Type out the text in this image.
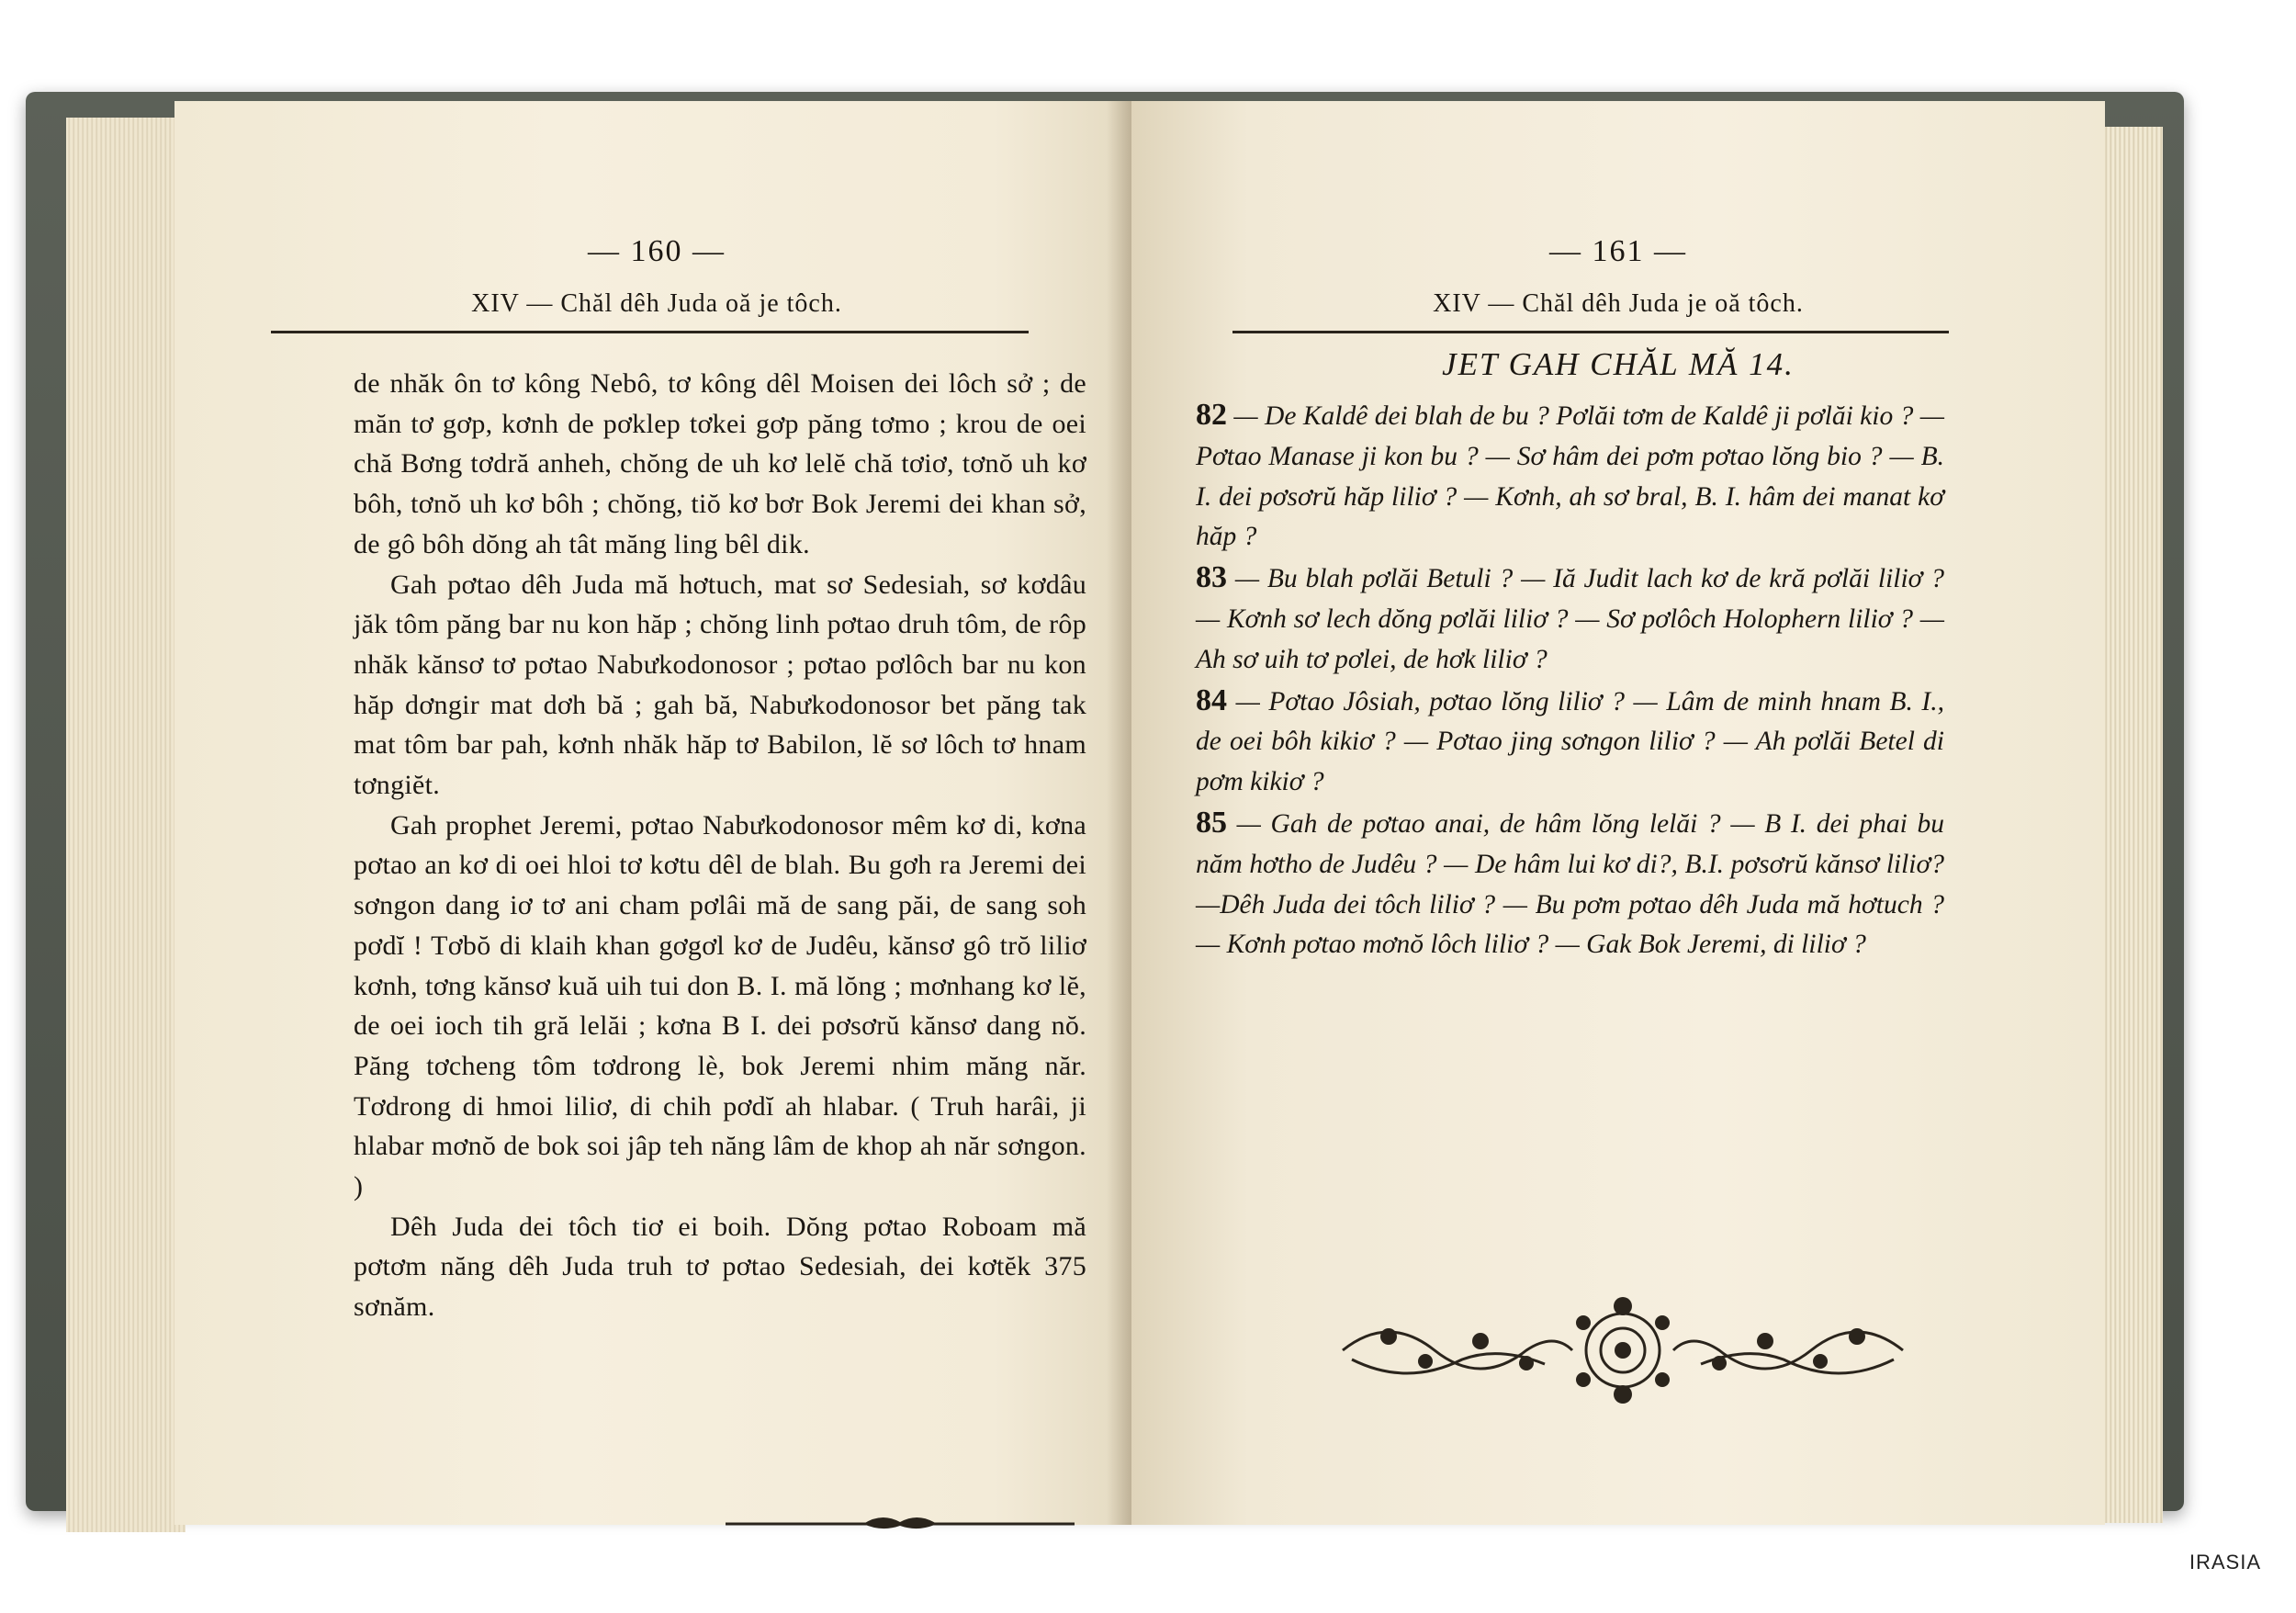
— 160 —
XIV — Chăl dêh Juda oă je tôch.

de nhăk ôn tơ kông Nebô, tơ kông dêl Moisen dei lôch sở ; de măn tơ gơp, kơnh de pơklep tơkei gơp păng tơmo ; krou de oei chă Bơng tơdră anheh, chŏng de uh kơ lelĕ chă tơiơ, tơnŏ uh kơ bôh, tơnŏ uh kơ bôh ; chŏng, tiŏ kơ bơr Bok Jeremi dei khan sở, de gô bôh dŏng ah tât măng ling bêl dik.

Gah pơtao dêh Juda mă hơtuch, mat sơ Sedesiah, sơ kơdâu jăk tôm păng bar nu kon hăp ; chŏng linh pơtao druh tôm, de rôp nhăk kănsơ tơ pơtao Nabưkodonosor ; pơtao pơlôch bar nu kon hăp dơngir mat dơh bă ; gah bă, Nabưkodonosor bet păng tak mat tôm bar pah, kơnh nhăk hăp tơ Babilon, lĕ sơ lôch tơ hnam tơngiĕt.

Gah prophet Jeremi, pơtao Nabưkodonosor mêm kơ di, kơna pơtao an kơ di oei hloi tơ kơtu dêl de blah. Bu gơh ra Jeremi dei sơngon dang iơ tơ ani cham pơlâi mă de sang păi, de sang soh pơdĭ ! Tơbŏ di klaih khan gơgơl kơ de Judêu, kănsơ gô trŏ liliơ kơnh, tơng kănsơ kuă uih tui don B. I. mă lŏng ; mơnhang kơ lĕ, de oei ioch tih gră lelăi ; kơna B I. dei pơsơrŭ kănsơ dang nŏ. Păng tơcheng tôm tơdrong lè, bok Jeremi nhim măng năr. Tơdrong di hmoi liliơ, di chih pơdĭ ah hlabar. ( Truh harâi, ji hlabar mơnŏ de bok soi jâp teh năng lâm de khop ah năr sơngon. )

Dêh Juda dei tôch tiơ ei boih. Dŏng pơtao Roboam mă pơtơm năng dêh Juda truh tơ pơtao Sedesiah, dei kơtĕk 375 sơnăm.

— 161 —
XIV — Chăl dêh Juda je oă tôch.
JET GAH CHĂL MĂ 14.

82 — De Kaldê dei blah de bu ? Pơlăi tơm de Kaldê ji pơlăi kio ? — Pơtao Manase ji kon bu ? — Sơ hâm dei pơm pơtao lŏng bio ? — B. I. dei pơsơrŭ hăp liliơ ? — Kơnh, ah sơ bral, B. I. hâm dei manat kơ hăp ?

83 — Bu blah pơlăi Betuli ? — Iă Judit lach kơ de kră pơlăi liliơ ? — Kơnh sơ lech dŏng pơlăi liliơ ? — Sơ pơlôch Holophern liliơ ? — Ah sơ uih tơ pơlei, de hơk liliơ ?

84 — Pơtao Jôsiah, pơtao lŏng liliơ ? — Lâm de minh hnam B. I., de oei bôh kikiơ ? — Pơtao jing sơngon liliơ ? — Ah pơlăi Betel di pơm kikiơ ?

85 — Gah de pơtao anai, de hâm lŏng lelăi ? — B I. dei phai bu năm hơtho de Judêu ? — De hâm lui kơ di?, B.I. pơsơrŭ kănsơ liliơ?—Dêh Juda dei tôch liliơ ? — Bu pơm pơtao dêh Juda mă hơtuch ? — Kơnh pơtao mơnŏ lôch liliơ ? — Gak Bok Jeremi, di liliơ ?

IRASIA
